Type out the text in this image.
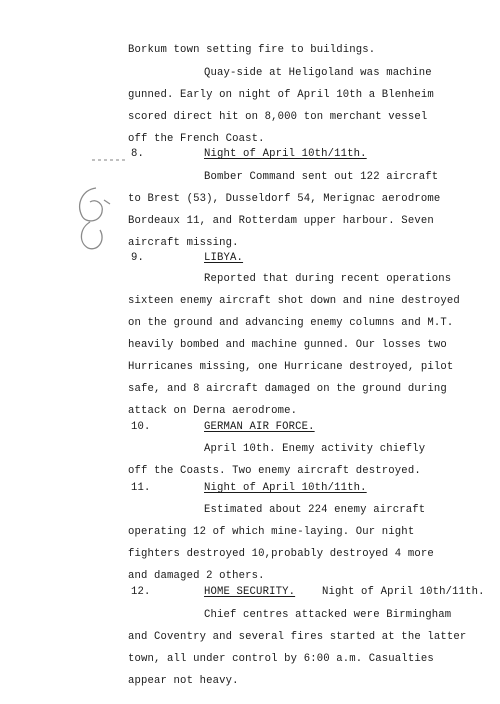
Borkum town setting fire to buildings.
Quay-side at Heligoland was machine
gunned. Early on night of April 10th a Blenheim
scored direct hit on 8,000 ton merchant vessel
off the French Coast.
8.	Night of April 10th/11th.
Bomber Command sent out 122 aircraft
to Brest (53), Dusseldorf 54, Merignac aerodrome
Bordeaux 11, and Rotterdam upper harbour. Seven
aircraft missing.
9.	LIBYA.
Reported that during recent operations
sixteen enemy aircraft shot down and nine destroyed
on the ground and advancing enemy columns and M.T.
heavily bombed and machine gunned. Our losses two
Hurricanes missing, one Hurricane destroyed, pilot
safe, and 8 aircraft damaged on the ground during
attack on Derna aerodrome.
10.	GERMAN AIR FORCE.
April 10th. Enemy activity chiefly
off the Coasts. Two enemy aircraft destroyed.
11.	Night of April 10th/11th.
Estimated about 224 enemy aircraft
operating 12 of which mine-laying. Our night
fighters destroyed 10,probably destroyed 4 more
and damaged 2 others.
12.	HOME SECURITY.	Night of April 10th/11th.
Chief centres attacked were Birmingham
and Coventry and several fires started at the latter
town, all under control by 6:00 a.m. Casualties
appear not heavy.
